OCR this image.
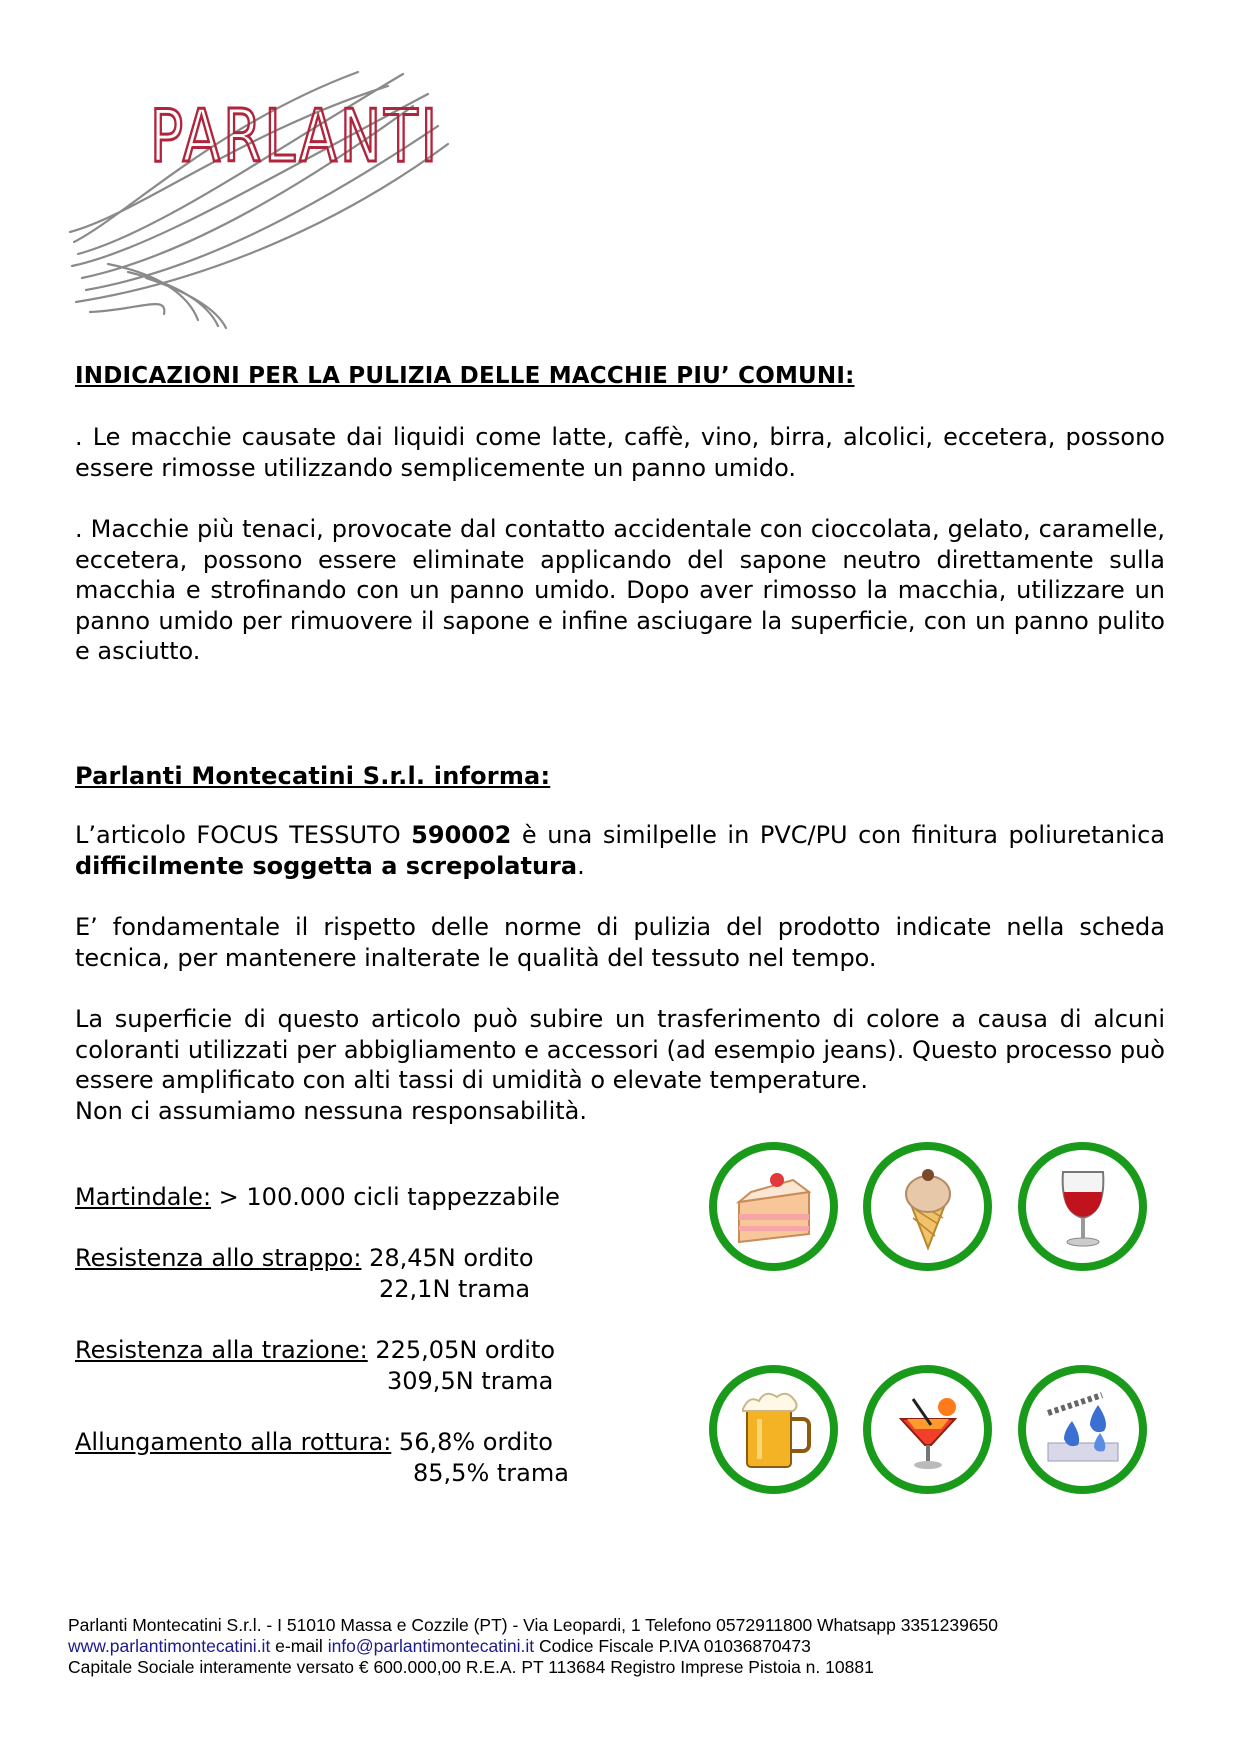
PARLANTI
INDICAZIONI PER LA PULIZIA DELLE MACCHIE PIU’ COMUNI:
. Le macchie causate dai liquidi come latte, caffè, vino, birra, alcolici, eccetera, possono essere rimosse utilizzando semplicemente un panno umido.
. Macchie più tenaci, provocate dal contatto accidentale con cioccolata, gelato, caramelle, eccetera, possono essere eliminate applicando del sapone neutro direttamente sulla macchia e strofinando con un panno umido. Dopo aver rimosso la macchia, utilizzare un panno umido per rimuovere il sapone e infine asciugare la superficie, con un panno pulito e asciutto.
Parlanti Montecatini S.r.l. informa:
L’articolo FOCUS TESSUTO 590002 è una similpelle in PVC/PU con finitura poliuretanica difficilmente soggetta a screpolatura.
E’ fondamentale il rispetto delle norme di pulizia del prodotto indicate nella scheda tecnica, per mantenere inalterate le qualità del tessuto nel tempo.
La superficie di questo articolo può subire un trasferimento di colore a causa di alcuni coloranti utilizzati per abbigliamento e accessori (ad esempio jeans). Questo processo può essere amplificato con alti tassi di umidità o elevate temperature.
Non ci assumiamo nessuna responsabilità.
Martindale: > 100.000 cicli tappezzabile
Resistenza allo strappo: 28,45N ordito
22,1N trama
Resistenza alla trazione: 225,05N ordito
309,5N trama
Allungamento alla rottura: 56,8% ordito
85,5% trama
Parlanti Montecatini S.r.l. - I 51010 Massa e Cozzile (PT) - Via Leopardi, 1 Telefono 0572911800 Whatsapp 3351239650
www.parlantimontecatini.it e-mail info@parlantimontecatini.it Codice Fiscale P.IVA 01036870473
Capitale Sociale interamente versato € 600.000,00 R.E.A. PT 113684 Registro Imprese Pistoia n. 10881
